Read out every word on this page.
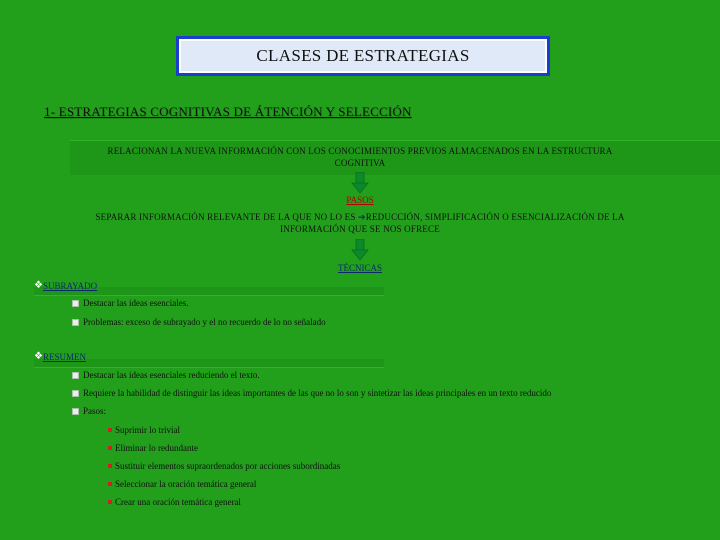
CLASES DE ESTRATEGIAS
1- ESTRATEGIAS COGNITIVAS DE ÁTENCIÓN Y SELECCIÓN
RELACIONAN LA NUEVA INFORMACIÓN CON LOS CONOCIMIENTOS PREVIOS ALMACENADOS EN LA ESTRUCTURA
COGNITIVA
PASOS
SEPARAR INFORMACIÓN RELEVANTE DE LA QUE NO LO ES ➔REDUCCIÓN, SIMPLIFICACIÓN O ESENCIALIZACIÓN DE LA
INFORMACIÓN QUE SE NOS OFRECE
TÉCNICAS
❖ SUBRAYADO
Destacar las ideas esenciales.
Problemas: exceso de subrayado y el no recuerdo de lo no señalado
❖ RESUMEN
Destacar las ideas esenciales reduciendo el texto.
Requiere la habilidad de distinguir las ideas importantes de las que no lo son y sintetizar las ideas principales en un texto reducido
Pasos:
Suprimir lo trivial
Eliminar lo redundante
Sustituir elementos supraordenados por acciones subordinadas
Seleccionar la oración temática general
Crear una oración temática general
